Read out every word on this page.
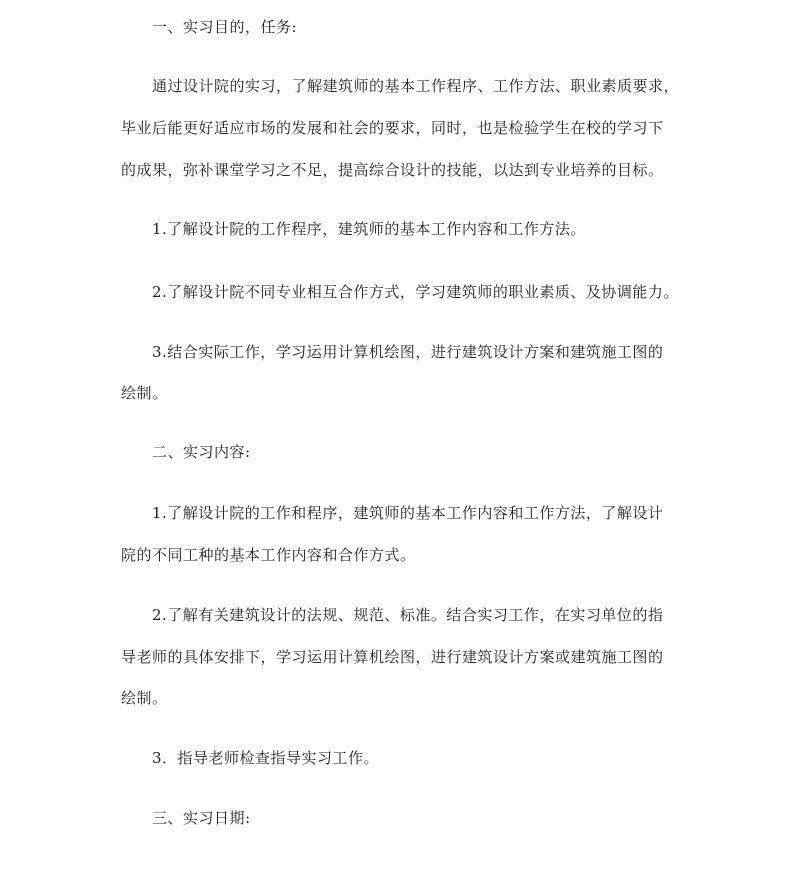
一、实习目的，任务:
通过设计院的实习，了解建筑师的基本工作程序、工作方法、职业素质要求，
毕业后能更好适应市场的发展和社会的要求，同时，也是检验学生在校的学习下
的成果，弥补课堂学习之不足，提高综合设计的技能，以达到专业培养的目标。
1.了解设计院的工作程序，建筑师的基本工作内容和工作方法。
2.了解设计院不同专业相互合作方式，学习建筑师的职业素质、及协调能力。
3.结合实际工作，学习运用计算机绘图，进行建筑设计方案和建筑施工图的
绘制。
二、实习内容:
1.了解设计院的工作和程序，建筑师的基本工作内容和工作方法，了解设计
院的不同工种的基本工作内容和合作方式。
2.了解有关建筑设计的法规、规范、标准。结合实习工作，在实习单位的指
导老师的具体安排下，学习运用计算机绘图，进行建筑设计方案或建筑施工图的
绘制。
3．指导老师检查指导实习工作。
三、实习日期:
